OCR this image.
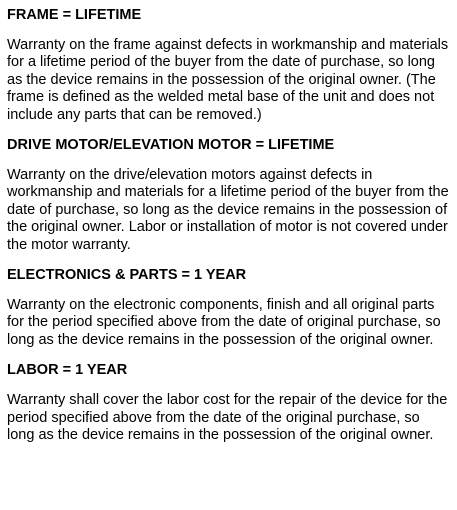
FRAME = LIFETIME

Warranty on the frame against defects in workmanship and materials for a lifetime period of the buyer from the date of purchase, so long as the device remains in the possession of the original owner. (The frame is defined as the welded metal base of the unit and does not include any parts that can be removed.)

DRIVE MOTOR/ELEVATION MOTOR = LIFETIME

Warranty on the drive/elevation motors against defects in workmanship and materials for a lifetime period of the buyer from the date of purchase, so long as the device remains in the possession of the original owner. Labor or installation of motor is not covered under the motor warranty.

ELECTRONICS & PARTS = 1 YEAR

Warranty on the electronic components, finish and all original parts for the period specified above from the date of original purchase, so long as the device remains in the possession of the original owner.

LABOR = 1 YEAR

Warranty shall cover the labor cost for the repair of the device for the period specified above from the date of the original purchase, so long as the device remains in the possession of the original owner.
